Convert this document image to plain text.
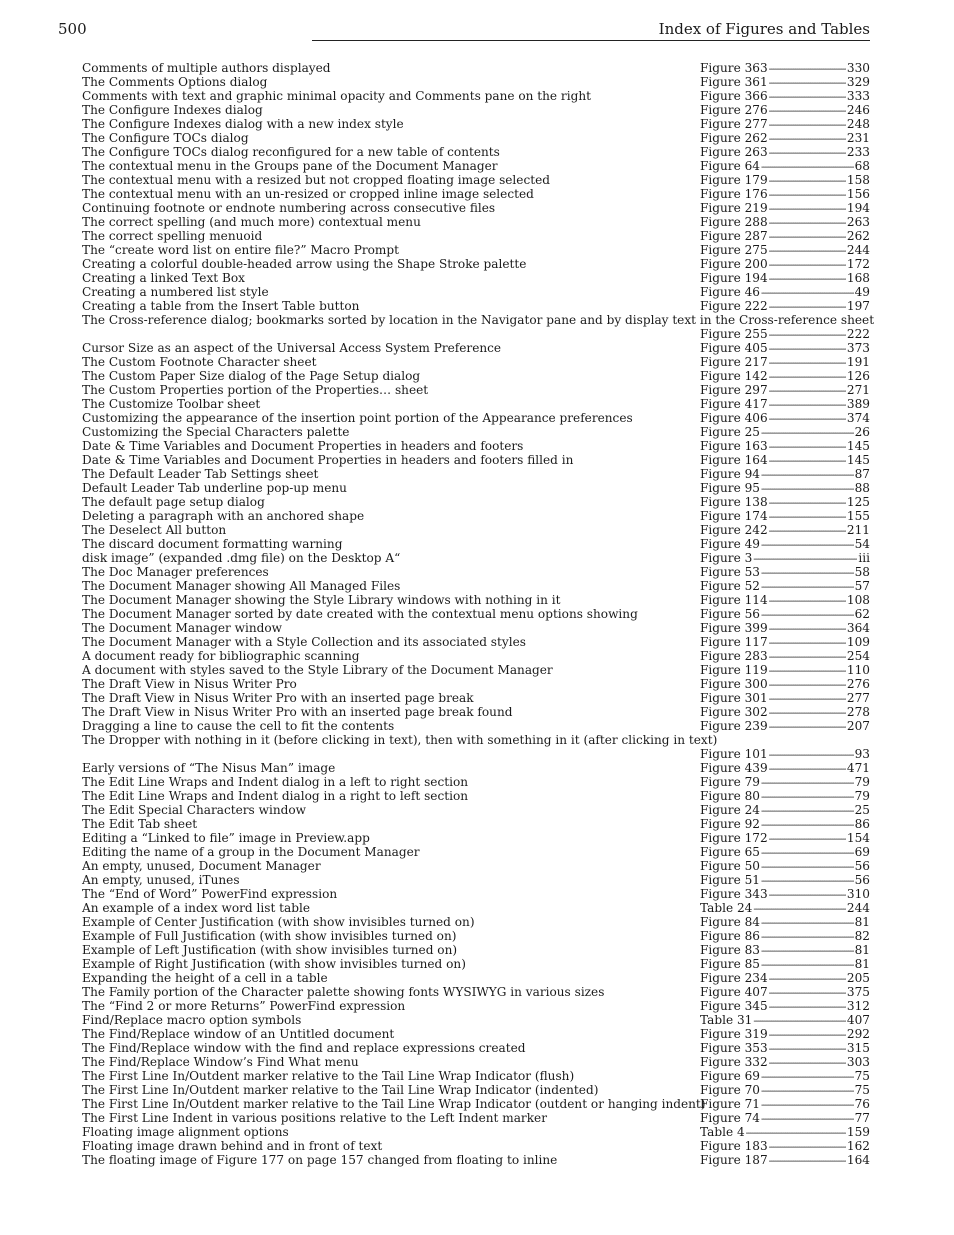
500	Index of Figures and Tables
Comments of multiple authors displayed	Figure 363 -----	330
The Comments Options dialog	Figure 361 -----	329
Comments with text and graphic minimal opacity and Comments pane on the right	Figure 366 -----	333
The Configure Indexes dialog	Figure 276 -----	246
The Configure Indexes dialog with a new index style	Figure 277 -----	248
The Configure TOCs dialog	Figure 262 -----	231
The Configure TOCs dialog reconfigured for a new table of contents	Figure 263 -----	233
The contextual menu in the Groups pane of the Document Manager	Figure 64 -----	68
The contextual menu with a resized but not cropped floating image selected	Figure 179 -----	158
The contextual menu with an un-resized or cropped inline image selected	Figure 176 -----	156
Continuing footnote or endnote numbering across consecutive files	Figure 219 -----	194
The correct spelling (and much more) contextual menu	Figure 288 -----	263
The correct spelling menuoid	Figure 287 -----	262
The “create word list on entire file?” Macro Prompt	Figure 275 -----	244
Creating a colorful double-headed arrow using the Shape Stroke palette	Figure 200 -----	172
Creating a linked Text Box	Figure 194 -----	168
Creating a numbered list style	Figure 46 -----	49
Creating a table from the Insert Table button	Figure 222 -----	197
The Cross-reference dialog; bookmarks sorted by location in the Navigator pane and by display text in the Cross-reference sheet
Figure 255 -----	222
Cursor Size as an aspect of the Universal Access System Preference	Figure 405 -----	373
The Custom Footnote Character sheet	Figure 217 -----	191
The Custom Paper Size dialog of the Page Setup dialog	Figure 142 -----	126
The Custom Properties portion of the Properties… sheet	Figure 297 -----	271
The Customize Toolbar sheet	Figure 417 -----	389
Customizing the appearance of the insertion point portion of the Appearance preferences	Figure 406 -----	374
Customizing the Special Characters palette	Figure 25 -----	26
Date & Time Variables and Document Properties in headers and footers	Figure 163 -----	145
Date & Time Variables and Document Properties in headers and footers filled in	Figure 164 -----	145
The Default Leader Tab Settings sheet	Figure 94 -----	87
Default Leader Tab underline pop-up menu	Figure 95 -----	88
The default page setup dialog	Figure 138 -----	125
Deleting a paragraph with an anchored shape	Figure 174 -----	155
The Deselect All button	Figure 242 -----	211
The discard document formatting warning	Figure 49 -----	54
disk image” (expanded .dmg file) on the Desktop A“	Figure 3 -----	iii
The Doc Manager preferences	Figure 53 -----	58
The Document Manager showing All Managed Files	Figure 52 -----	57
The Document Manager showing the Style Library windows with nothing in it	Figure 114 -----	108
The Document Manager sorted by date created with the contextual menu options showing	Figure 56 -----	62
The Document Manager window	Figure 399 -----	364
The Document Manager with a Style Collection and its associated styles	Figure 117 -----	109
A document ready for bibliographic scanning	Figure 283 -----	254
A document with styles saved to the Style Library of the Document Manager	Figure 119 -----	110
The Draft View in Nisus Writer Pro	Figure 300 -----	276
The Draft View in Nisus Writer Pro with an inserted page break	Figure 301 -----	277
The Draft View in Nisus Writer Pro with an inserted page break found	Figure 302 -----	278
Dragging a line to cause the cell to fit the contents	Figure 239 -----	207
The Dropper with nothing in it (before clicking in text), then with something in it (after clicking in text)
Figure 101 -----	93
Early versions of “The Nisus Man” image	Figure 439 -----	471
The Edit Line Wraps and Indent dialog in a left to right section	Figure 79 -----	79
The Edit Line Wraps and Indent dialog in a right to left section	Figure 80 -----	79
The Edit Special Characters window	Figure 24 -----	25
The Edit Tab sheet	Figure 92 -----	86
Editing a “Linked to file” image in Preview.app	Figure 172 -----	154
Editing the name of a group in the Document Manager	Figure 65 -----	69
An empty, unused, Document Manager	Figure 50 -----	56
An empty, unused, iTunes	Figure 51 -----	56
The “End of Word” PowerFind expression	Figure 343 -----	310
An example of a index word list table	Table 24 -----	244
Example of Center Justification (with show invisibles turned on)	Figure 84 -----	81
Example of Full Justification (with show invisibles turned on)	Figure 86 -----	82
Example of Left Justification (with show invisibles turned on)	Figure 83 -----	81
Example of Right Justification (with show invisibles turned on)	Figure 85 -----	81
Expanding the height of a cell in a table	Figure 234 -----	205
The Family portion of the Character palette showing fonts WYSIWYG in various sizes	Figure 407 -----	375
The “Find 2 or more Returns” PowerFind expression	Figure 345 -----	312
Find/Replace macro option symbols	Table 31 -----	407
The Find/Replace window of an Untitled document	Figure 319 -----	292
The Find/Replace window with the find and replace expressions created	Figure 353 -----	315
The Find/Replace Window’s Find What menu	Figure 332 -----	303
The First Line In/Outdent marker relative to the Tail Line Wrap Indicator (flush)	Figure 69 -----	75
The First Line In/Outdent marker relative to the Tail Line Wrap Indicator (indented)	Figure 70 -----	75
The First Line In/Outdent marker relative to the Tail Line Wrap Indicator (outdent or hanging indent)
Figure 71 -----	76
The First Line Indent in various positions relative to the Left Indent marker	Figure 74 -----	77
Floating image alignment options	Table 4 -----	159
Floating image drawn behind and in front of text	Figure 183 -----	162
The floating image of Figure 177 on page 157 changed from floating to inline	Figure 187 -----	164
